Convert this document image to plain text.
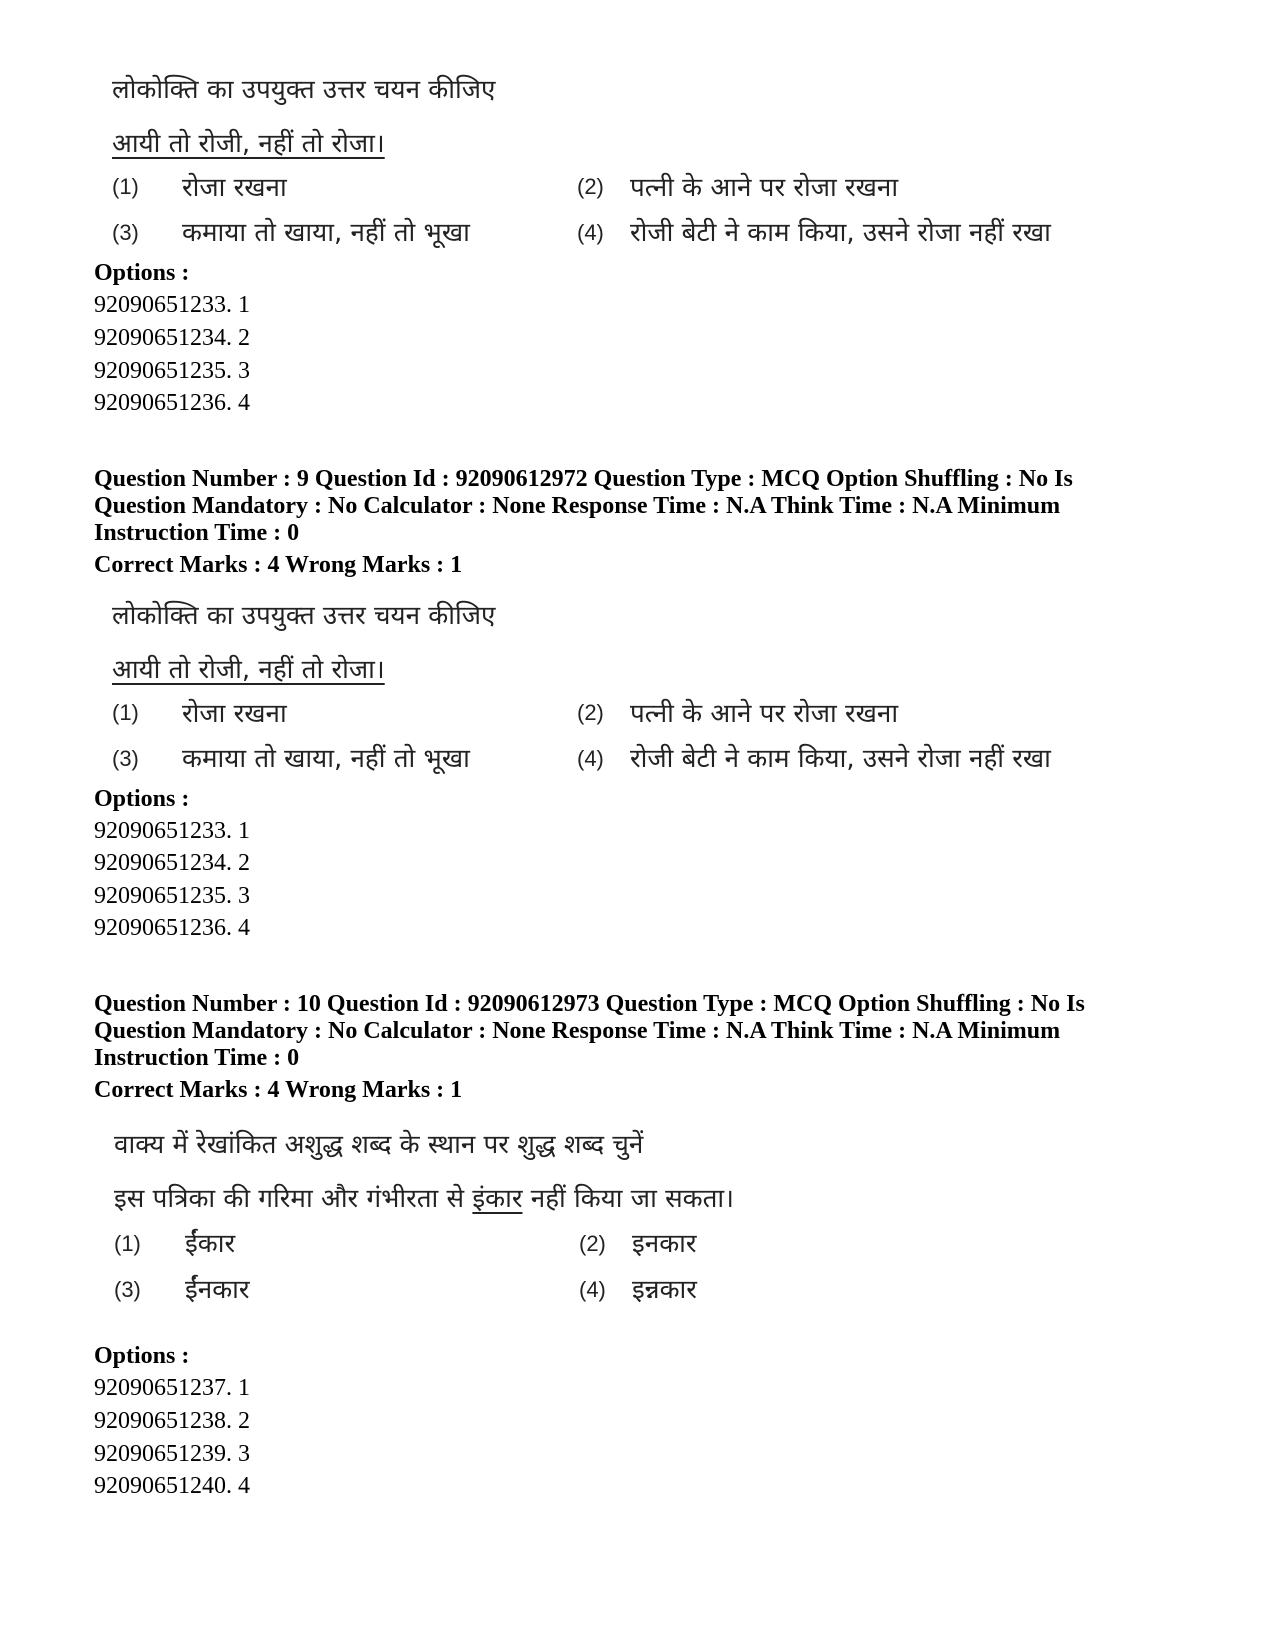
लोकोक्ति का उपयुक्त उत्तर चयन कीजिए
आयी तो रोजी, नहीं तो रोजा।
(1) रोजा रखना	(2) पत्नी के आने पर रोजा रखना
(3) कमाया तो खाया, नहीं तो भूखा	(4) रोजी बेटी ने काम किया, उसने रोजा नहीं रखा
Options :
92090651233. 1
92090651234. 2
92090651235. 3
92090651236. 4
Question Number : 9 Question Id : 92090612972 Question Type : MCQ Option Shuffling : No Is
Question Mandatory : No Calculator : None Response Time : N.A Think Time : N.A Minimum
Instruction Time : 0
Correct Marks : 4 Wrong Marks : 1
लोकोक्ति का उपयुक्त उत्तर चयन कीजिए
आयी तो रोजी, नहीं तो रोजा।
(1) रोजा रखना	(2) पत्नी के आने पर रोजा रखना
(3) कमाया तो खाया, नहीं तो भूखा	(4) रोजी बेटी ने काम किया, उसने रोजा नहीं रखा
Options :
92090651233. 1
92090651234. 2
92090651235. 3
92090651236. 4
Question Number : 10 Question Id : 92090612973 Question Type : MCQ Option Shuffling : No Is
Question Mandatory : No Calculator : None Response Time : N.A Think Time : N.A Minimum
Instruction Time : 0
Correct Marks : 4 Wrong Marks : 1
वाक्य में रेखांकित अशुद्ध शब्द के स्थान पर शुद्ध शब्द चुनें
इस पत्रिका की गरिमा और गंभीरता से इंकार नहीं किया जा सकता।
(1) ईंकार	(2) इनकार
(3) ईंनकार	(4) इन्नकार
Options :
92090651237. 1
92090651238. 2
92090651239. 3
92090651240. 4
